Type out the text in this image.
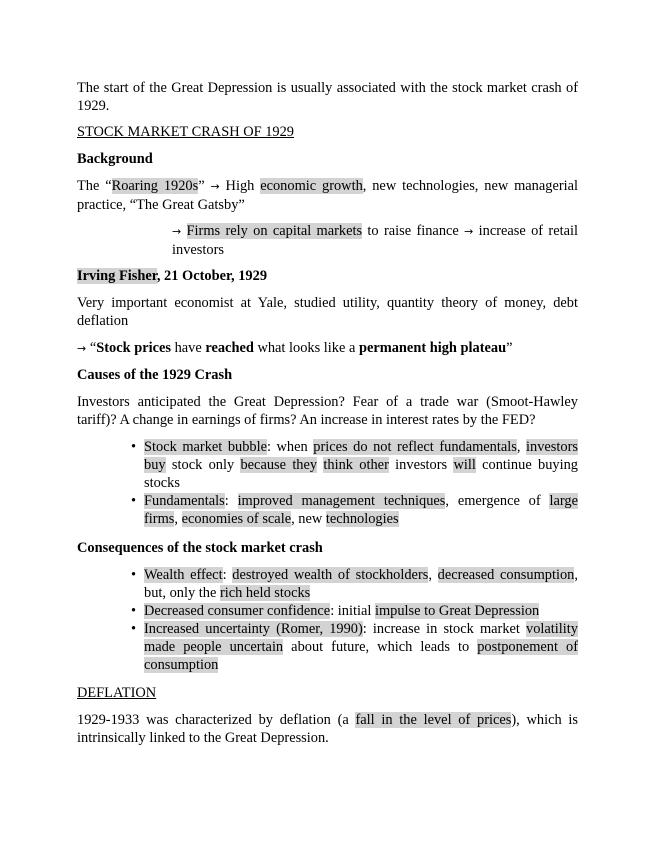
The start of the Great Depression is usually associated with the stock market crash of 1929.

STOCK MARKET CRASH OF 1929

Background

The “Roaring 1920s” → High economic growth, new technologies, new managerial practice, “The Great Gatsby”

→ Firms rely on capital markets to raise finance → increase of retail investors

Irving Fisher, 21 October, 1929

Very important economist at Yale, studied utility, quantity theory of money, debt deflation

→ “Stock prices have reached what looks like a permanent high plateau”

Causes of the 1929 Crash

Investors anticipated the Great Depression? Fear of a trade war (Smoot-Hawley tariff)? A change in earnings of firms? An increase in interest rates by the FED?

• Stock market bubble: when prices do not reflect fundamentals, investors buy stock only because they think other investors will continue buying stocks
• Fundamentals: improved management techniques, emergence of large firms, economies of scale, new technologies

Consequences of the stock market crash

• Wealth effect: destroyed wealth of stockholders, decreased consumption, but, only the rich held stocks
• Decreased consumer confidence: initial impulse to Great Depression
• Increased uncertainty (Romer, 1990): increase in stock market volatility made people uncertain about future, which leads to postponement of consumption

DEFLATION

1929-1933 was characterized by deflation (a fall in the level of prices), which is intrinsically linked to the Great Depression.
